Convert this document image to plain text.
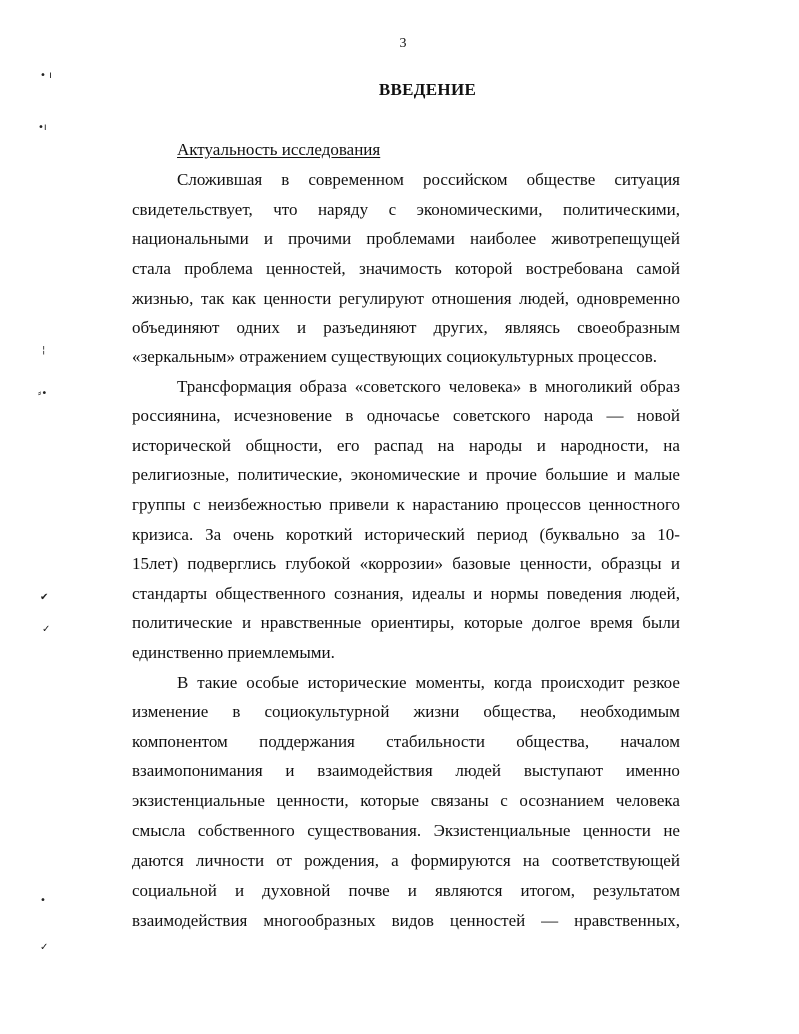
3
ВВЕДЕНИЕ
Актуальность исследования
Сложившая в современном российском обществе ситуация
свидетельствует, что наряду с экономическими, политическими,
национальными и прочими проблемами наиболее животрепещущей
стала проблема ценностей, значимость которой востребована самой
жизнью, так как ценности регулируют отношения людей, одновременно
объединяют одних и разъединяют других, являясь своеобразным
«зеркальным» отражением существующих социокультурных процессов.
Трансформация образа «советского человека» в многоликий образ
россиянина, исчезновение в одночасье советского народа — новой
исторической общности, его распад на народы и народности, на
религиозные, политические, экономические и прочие большие и малые
группы с неизбежностью привели к нарастанию процессов ценностного
кризиса. За очень короткий исторический период (буквально за 10-
15лет) подверглись глубокой «коррозии» базовые ценности, образцы и
стандарты общественного сознания, идеалы и нормы поведения людей,
политические и нравственные ориентиры, которые долгое время были
единственно приемлемыми.
В такие особые исторические моменты, когда происходит резкое
изменение в социокультурной жизни общества, необходимым
компонентом поддержания стабильности общества, началом
взаимопонимания и взаимодействия людей выступают именно
экзистенциальные ценности, которые связаны с осознанием человека
смысла собственного существования. Экзистенциальные ценности не
даются личности от рождения, а формируются на соответствующей
социальной и духовной почве и являются итогом, результатом
взаимодействия многообразных видов ценностей — нравственных,
• ı
•ı
¦
⸗•
✔
✓
•
✓
